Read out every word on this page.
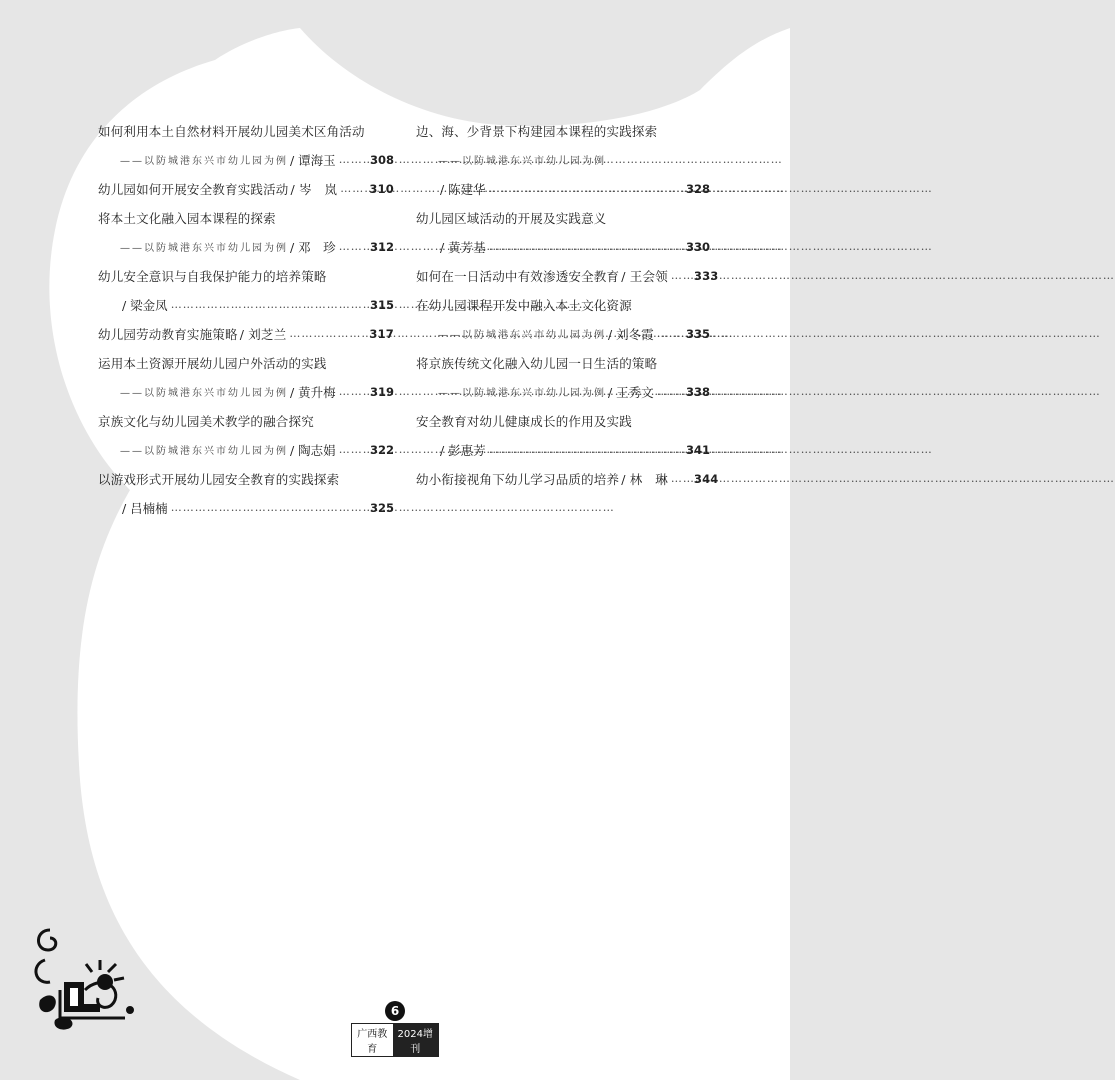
如何利用本土自然材料开展幼儿园美术区角活动
——以防城港东兴市幼儿园为例 / 谭海玉 …………………………………………………………………………………………………	308
幼儿园如何开展安全教育实践活动 / 岑　岚 …………………………………………………………………………………………………	310
将本土文化融入园本课程的探索
——以防城港东兴市幼儿园为例 / 邓　珍 …………………………………………………………………………………………………	312
幼儿安全意识与自我保护能力的培养策略
/ 梁金凤 …………………………………………………………………………………………………	315
幼儿园劳动教育实施策略 / 刘芝兰 …………………………………………………………………………………………………	317
运用本土资源开展幼儿园户外活动的实践
——以防城港东兴市幼儿园为例 / 黄升梅 …………………………………………………………………………………………………	319
京族文化与幼儿园美术教学的融合探究
——以防城港东兴市幼儿园为例 / 陶志娟 …………………………………………………………………………………………………	322
以游戏形式开展幼儿园安全教育的实践探索
/ 吕楠楠 …………………………………………………………………………………………………	325
边、海、少背景下构建园本课程的实践探索
——以防城港东兴市幼儿园为例
/ 陈建华 …………………………………………………………………………………………………	328
幼儿园区域活动的开展及实践意义
/ 黄芳基 …………………………………………………………………………………………………	330
如何在一日活动中有效渗透安全教育 / 王会领 ………………………………………………………………………………………………… 333
在幼儿园课程开发中融入本土文化资源
——以防城港东兴市幼儿园为例 / 刘冬霞 …………………………………………………………………………………………………	335
将京族传统文化融入幼儿园一日生活的策略
——以防城港东兴市幼儿园为例 / 王秀文 …………………………………………………………………………………………………	338
安全教育对幼儿健康成长的作用及实践
/ 彭惠芳 …………………………………………………………………………………………………	341
幼小衔接视角下幼儿学习品质的培养 / 林　琳 ………………………………………………………………………………………………… 344
6
广西教育
2024增刊
